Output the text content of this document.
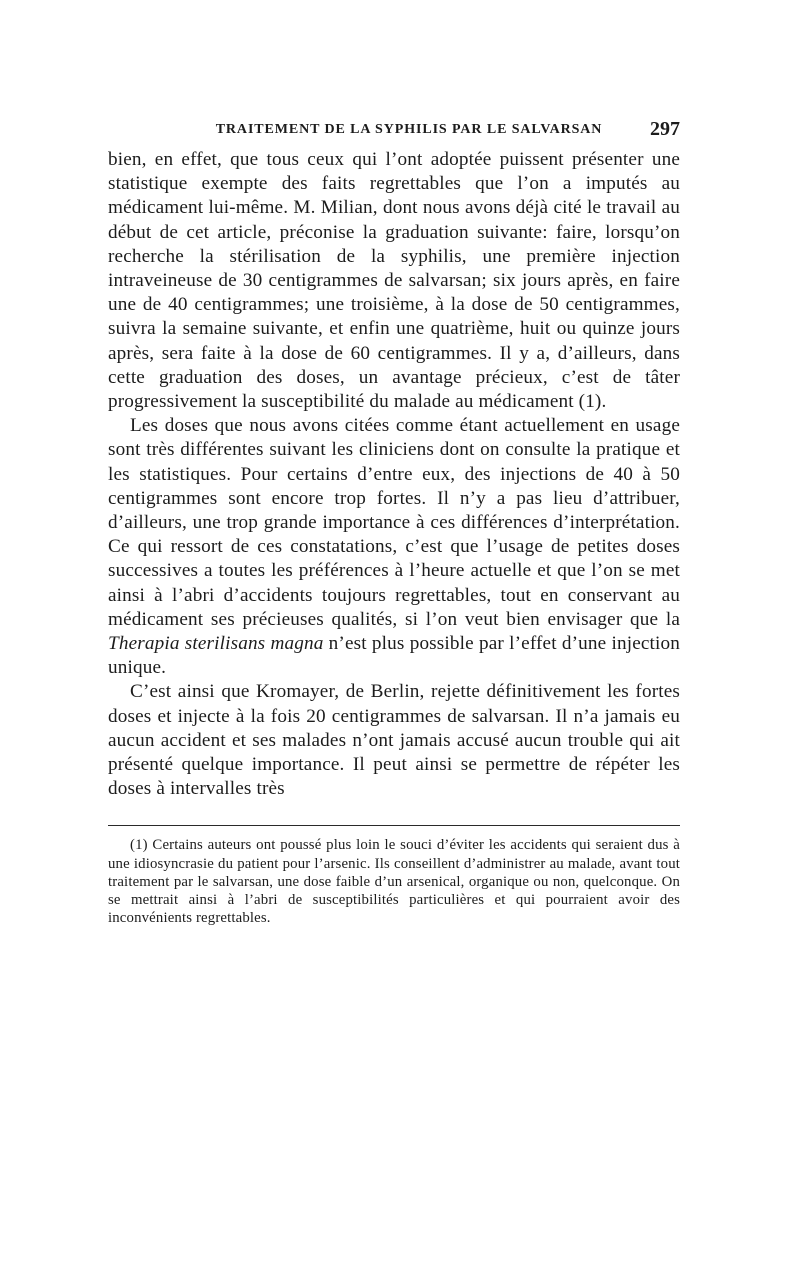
TRAITEMENT DE LA SYPHILIS PAR LE SALVARSAN	297

bien, en effet, que tous ceux qui l’ont adoptée puissent présenter une statistique exempte des faits regrettables que l’on a imputés au médicament lui-même. M. Milian, dont nous avons déjà cité le travail au début de cet article, préconise la graduation suivante: faire, lorsqu’on recherche la stérilisation de la syphilis, une première injection intraveineuse de 30 centigrammes de salvarsan; six jours après, en faire une de 40 centigrammes; une troisième, à la dose de 50 centigrammes, suivra la semaine suivante, et enfin une quatrième, huit ou quinze jours après, sera faite à la dose de 60 centigrammes. Il y a, d’ailleurs, dans cette graduation des doses, un avantage précieux, c’est de tâter progressivement la susceptibilité du malade au médicament (1).

Les doses que nous avons citées comme étant actuellement en usage sont très différentes suivant les cliniciens dont on consulte la pratique et les statistiques. Pour certains d’entre eux, des injections de 40 à 50 centigrammes sont encore trop fortes. Il n’y a pas lieu d’attribuer, d’ailleurs, une trop grande importance à ces différences d’interprétation. Ce qui ressort de ces constatations, c’est que l’usage de petites doses successives a toutes les préférences à l’heure actuelle et que l’on se met ainsi à l’abri d’accidents toujours regrettables, tout en conservant au médicament ses précieuses qualités, si l’on veut bien envisager que la Therapia sterilisans magna n’est plus possible par l’effet d’une injection unique.

C’est ainsi que Kromayer, de Berlin, rejette définitivement les fortes doses et injecte à la fois 20 centigrammes de salvarsan. Il n’a jamais eu aucun accident et ses malades n’ont jamais accusé aucun trouble qui ait présenté quelque importance. Il peut ainsi se permettre de répéter les doses à intervalles très

(1) Certains auteurs ont poussé plus loin le souci d’éviter les accidents qui seraient dus à une idiosyncrasie du patient pour l’arsenic. Ils conseillent d’administrer au malade, avant tout traitement par le salvarsan, une dose faible d’un arsenical, organique ou non, quelconque. On se mettrait ainsi à l’abri de susceptibilités particulières et qui pourraient avoir des inconvénients regrettables.
